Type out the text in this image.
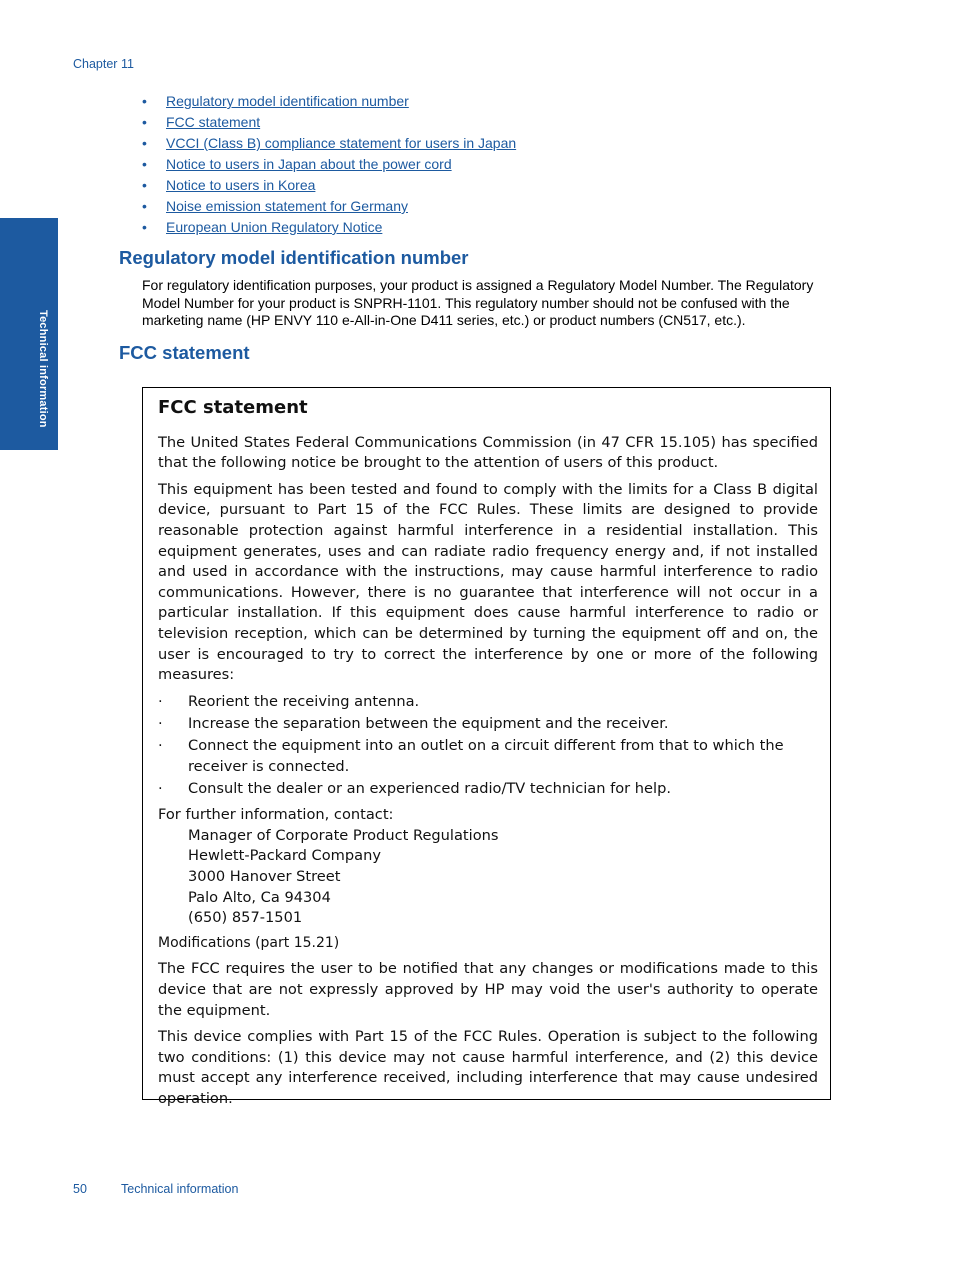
Chapter 11
Technical information
• Regulatory model identification number
• FCC statement
• VCCI (Class B) compliance statement for users in Japan
• Notice to users in Japan about the power cord
• Notice to users in Korea
• Noise emission statement for Germany
• European Union Regulatory Notice
Regulatory model identification number

For regulatory identification purposes, your product is assigned a Regulatory Model Number. The Regulatory Model Number for your product is SNPRH-1101. This regulatory number should not be confused with the marketing name (HP ENVY 110 e-All-in-One D411 series, etc.) or product numbers (CN517, etc.).

FCC statement
FCC statement

The United States Federal Communications Commission (in 47 CFR 15.105) has specified that the following notice be brought to the attention of users of this product.

This equipment has been tested and found to comply with the limits for a Class B digital device, pursuant to Part 15 of the FCC Rules. These limits are designed to provide reasonable protection against harmful interference in a residential installation. This equipment generates, uses and can radiate radio frequency energy and, if not installed and used in accordance with the instructions, may cause harmful interference to radio communications. However, there is no guarantee that interference will not occur in a particular installation. If this equipment does cause harmful interference to radio or television reception, which can be determined by turning the equipment off and on, the user is encouraged to try to correct the interference by one or more of the following measures:

· Reorient the receiving antenna.
· Increase the separation between the equipment and the receiver.
· Connect the equipment into an outlet on a circuit different from that to which the receiver is connected.
· Consult the dealer or an experienced radio/TV technician for help.
For further information, contact:
Manager of Corporate Product Regulations
Hewlett-Packard Company
3000 Hanover Street
Palo Alto, Ca 94304
(650) 857-1501
Modifications (part 15.21)

The FCC requires the user to be notified that any changes or modifications made to this device that are not expressly approved by HP may void the user's authority to operate the equipment.

This device complies with Part 15 of the FCC Rules. Operation is subject to the following two conditions: (1) this device may not cause harmful interference, and (2) this device must accept any interference received, including interference that may cause undesired operation.

50	Technical information
